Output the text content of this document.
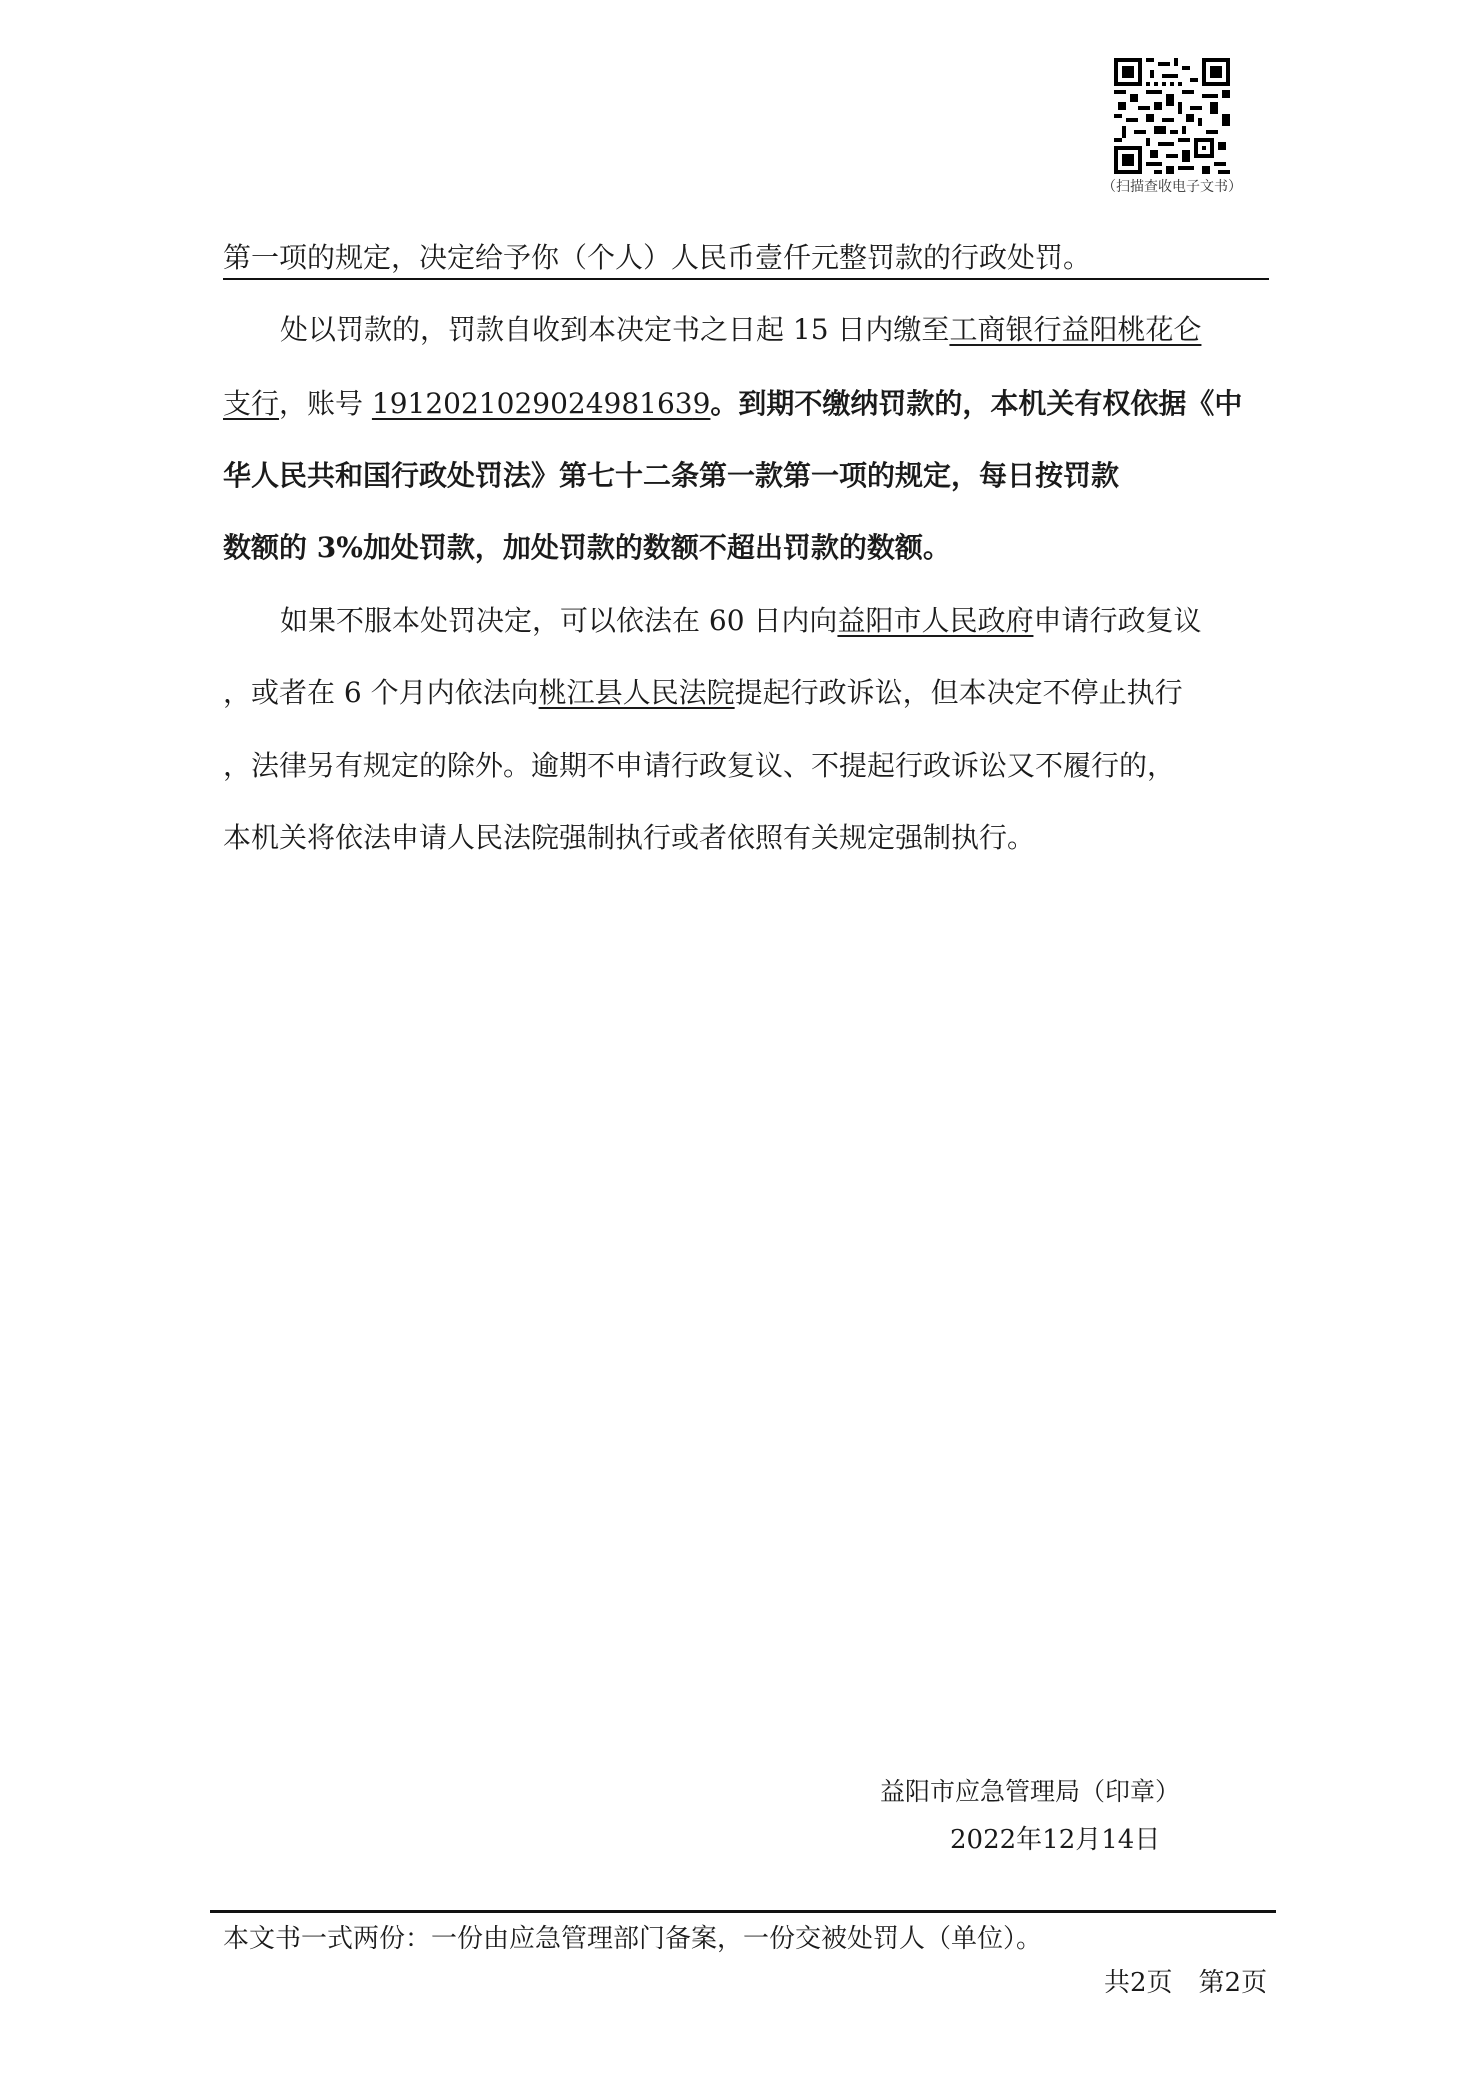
（扫描查收电子文书）
第一项的规定，决定给予你（个人）人民币壹仟元整罚款的行政处罚。
处以罚款的，罚款自收到本决定书之日起 15 日内缴至工商银行益阳桃花仑
支行，账号 1912021029024981639。到期不缴纳罚款的，本机关有权依据《中
华人民共和国行政处罚法》第七十二条第一款第一项的规定，每日按罚款
数额的 3%加处罚款，加处罚款的数额不超出罚款的数额。
如果不服本处罚决定，可以依法在 60 日内向益阳市人民政府申请行政复议
，或者在 6 个月内依法向桃江县人民法院提起行政诉讼，但本决定不停止执行
，法律另有规定的除外。逾期不申请行政复议、不提起行政诉讼又不履行的，
本机关将依法申请人民法院强制执行或者依照有关规定强制执行。
益阳市应急管理局（印章）
2022年12月14日
本文书一式两份：一份由应急管理部门备案，一份交被处罚人（单位）。
共2页　第2页
